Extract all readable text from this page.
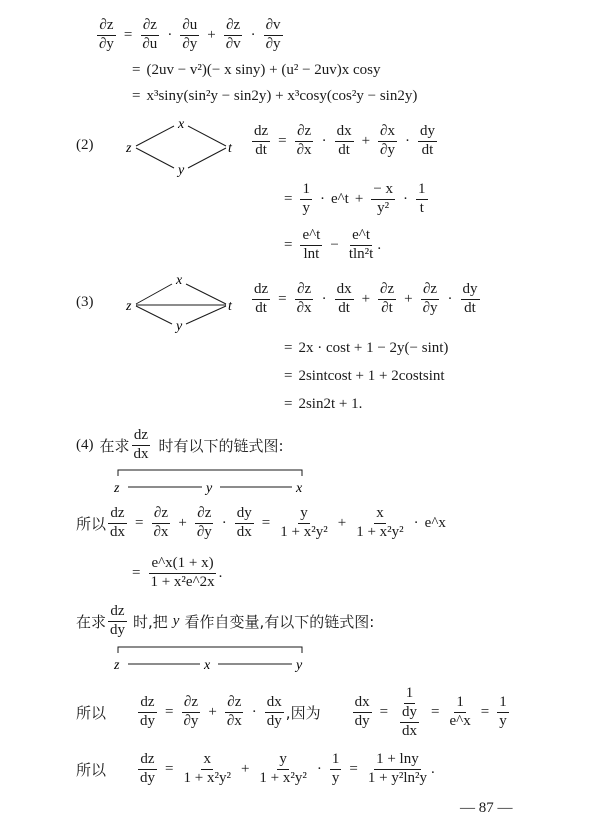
$\frac{\partial z}{\partial y} = \frac{\partial z}{\partial u} \cdot \frac{\partial u}{\partial y} + \frac{\partial z}{\partial v} \cdot \frac{\partial v}{\partial y}$
= (2uv − v²)(− x siny) + (u² − 2uv)x cosy
= x³siny(sin²y − sin2y) + x³cosy(cos²y − sin2y)
(2) z
x
y
t $\frac{dz}{dt} = \frac{\partial z}{\partial x} \cdot \frac{dx}{dt} + \frac{\partial x}{\partial y} \cdot \frac{dy}{dt}$
= $\frac{1}{y}$ · e^t + $\frac{- x}{\text{y²}} \cdot \frac{1}{t}$
= $\frac{e\^{}t}{\ln t} - \frac{e\^{}t}{\text{tln²t}}$ .
(3) z
x
y
t $\frac{dz}{dt} = \frac{\partial z}{\partial x} \cdot \frac{dx}{dt} + \frac{\partial z}{\partial t} + \frac{\partial z}{\partial y} \cdot \frac{dy}{dt}$
= 2x · cost + 1 − 2y(− sint)
= 2sintcost + 1 + 2costsint
= 2sin2t + 1.
(4) 在求 $\frac{dz}{dx}$ 时有以下的链式图:
z	y	x
所以 $\frac{dz}{dx} = \frac{\partial z}{\partial x} + \frac{\partial z}{\partial y} \cdot \frac{dy}{dx} = \frac{y}{\text{1 + x²y²}} + \frac{x}{\text{1 + x²y²}}$ · e^x
= $\frac{e\^{}x(1 + x)}{\text{1 + x²e\textasciicircum{}2x}}$ .
在求 $\frac{dz}{dy}$ 时,把 y 看作自变量,有以下的链式图:
z	x	y
所以 $\frac{dz}{dy} = \frac{\partial z}{\partial y} + \frac{\partial z}{\partial x} \cdot \frac{dx}{dy}$ ,因为 $\frac{dx}{dy} = \frac{1}{\frac{dy}{dx}} = \frac{1}{e\^{}x} = \frac{1}{y}$
所以 $\frac{dz}{dy} = \frac{x}{\text{1 + x²y²}} + \frac{y}{\text{1 + x²y²}} \cdot \frac{1}{y} = \frac{1 + \ln y}{\text{1 + y²ln²y}}$ .
— 87 —
